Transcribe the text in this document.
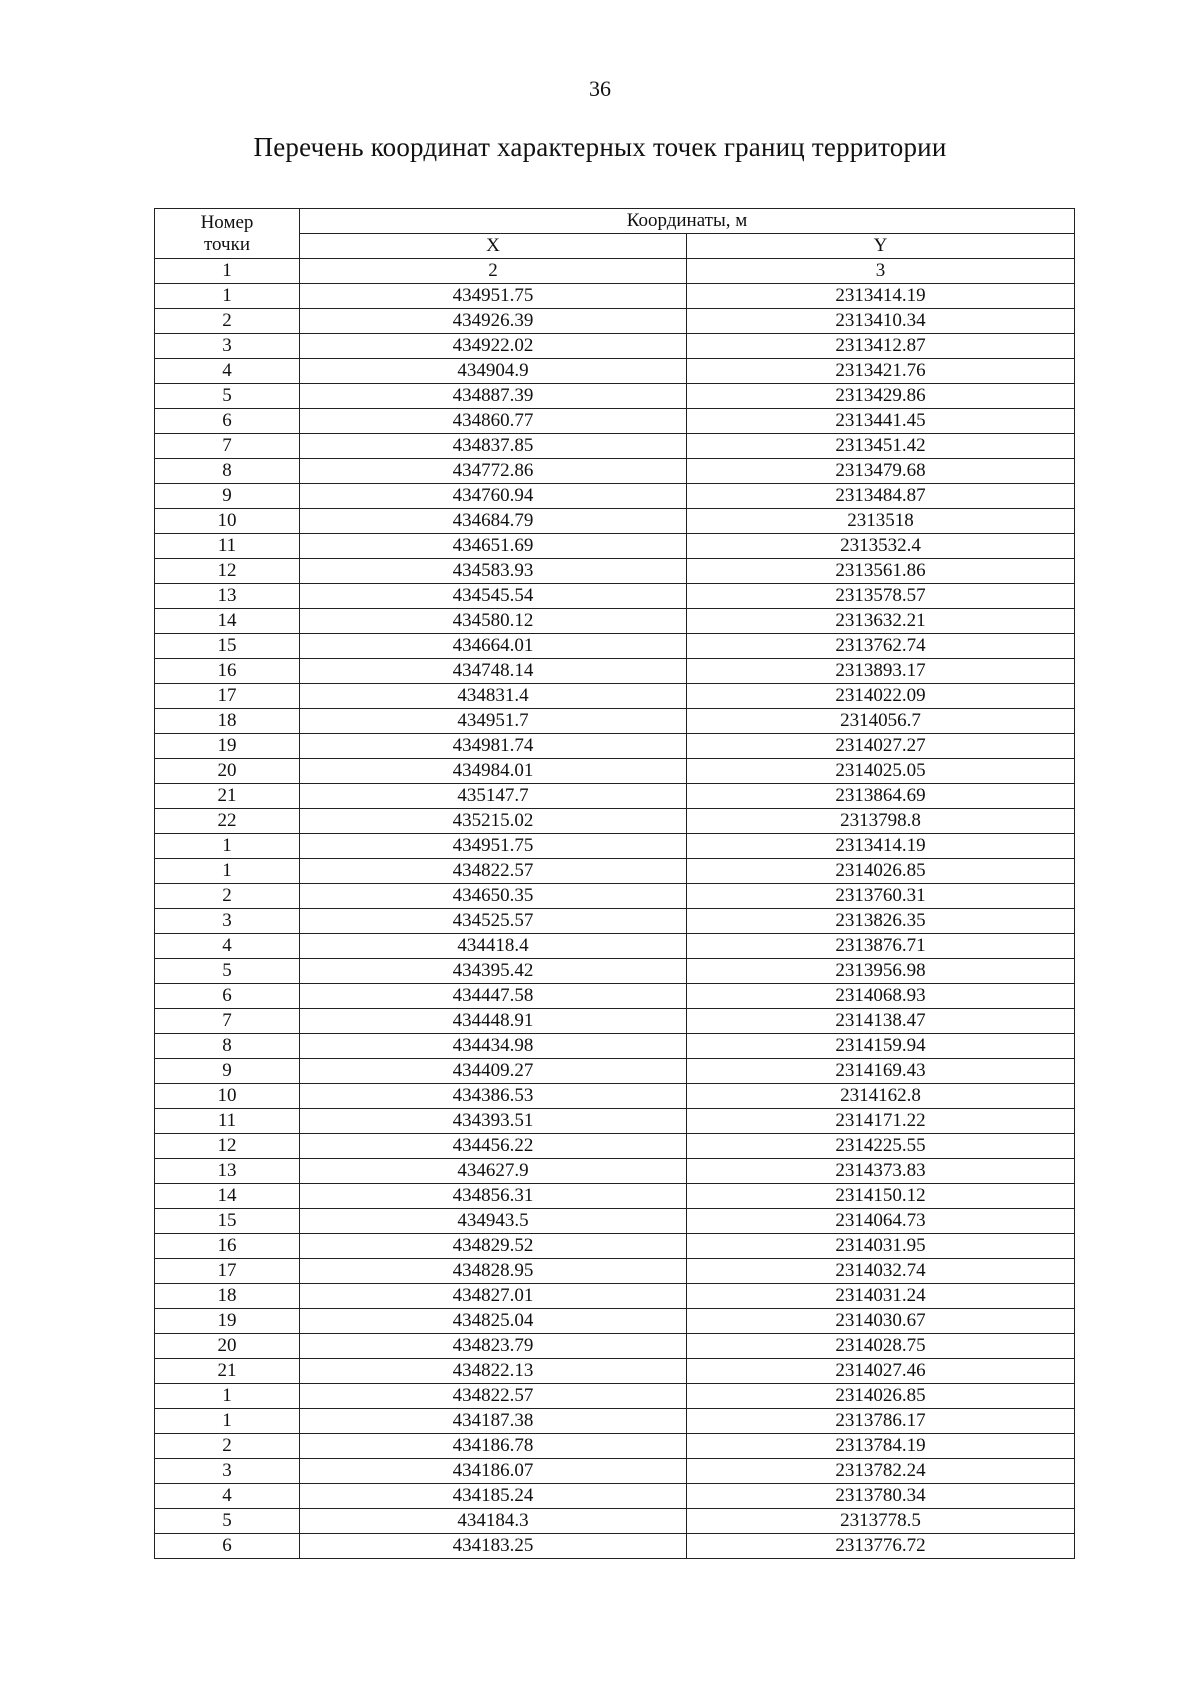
36
Перечень координат характерных точек границ территории
Номер
точки	Координаты, м	
	X	Y
1	2	3
1	434951.75	2313414.19
2	434926.39	2313410.34
3	434922.02	2313412.87
4	434904.9	2313421.76
5	434887.39	2313429.86
6	434860.77	2313441.45
7	434837.85	2313451.42
8	434772.86	2313479.68
9	434760.94	2313484.87
10	434684.79	2313518
11	434651.69	2313532.4
12	434583.93	2313561.86
13	434545.54	2313578.57
14	434580.12	2313632.21
15	434664.01	2313762.74
16	434748.14	2313893.17
17	434831.4	2314022.09
18	434951.7	2314056.7
19	434981.74	2314027.27
20	434984.01	2314025.05
21	435147.7	2313864.69
22	435215.02	2313798.8
1	434951.75	2313414.19
1	434822.57	2314026.85
2	434650.35	2313760.31
3	434525.57	2313826.35
4	434418.4	2313876.71
5	434395.42	2313956.98
6	434447.58	2314068.93
7	434448.91	2314138.47
8	434434.98	2314159.94
9	434409.27	2314169.43
10	434386.53	2314162.8
11	434393.51	2314171.22
12	434456.22	2314225.55
13	434627.9	2314373.83
14	434856.31	2314150.12
15	434943.5	2314064.73
16	434829.52	2314031.95
17	434828.95	2314032.74
18	434827.01	2314031.24
19	434825.04	2314030.67
20	434823.79	2314028.75
21	434822.13	2314027.46
1	434822.57	2314026.85
1	434187.38	2313786.17
2	434186.78	2313784.19
3	434186.07	2313782.24
4	434185.24	2313780.34
5	434184.3	2313778.5
6	434183.25	2313776.72
